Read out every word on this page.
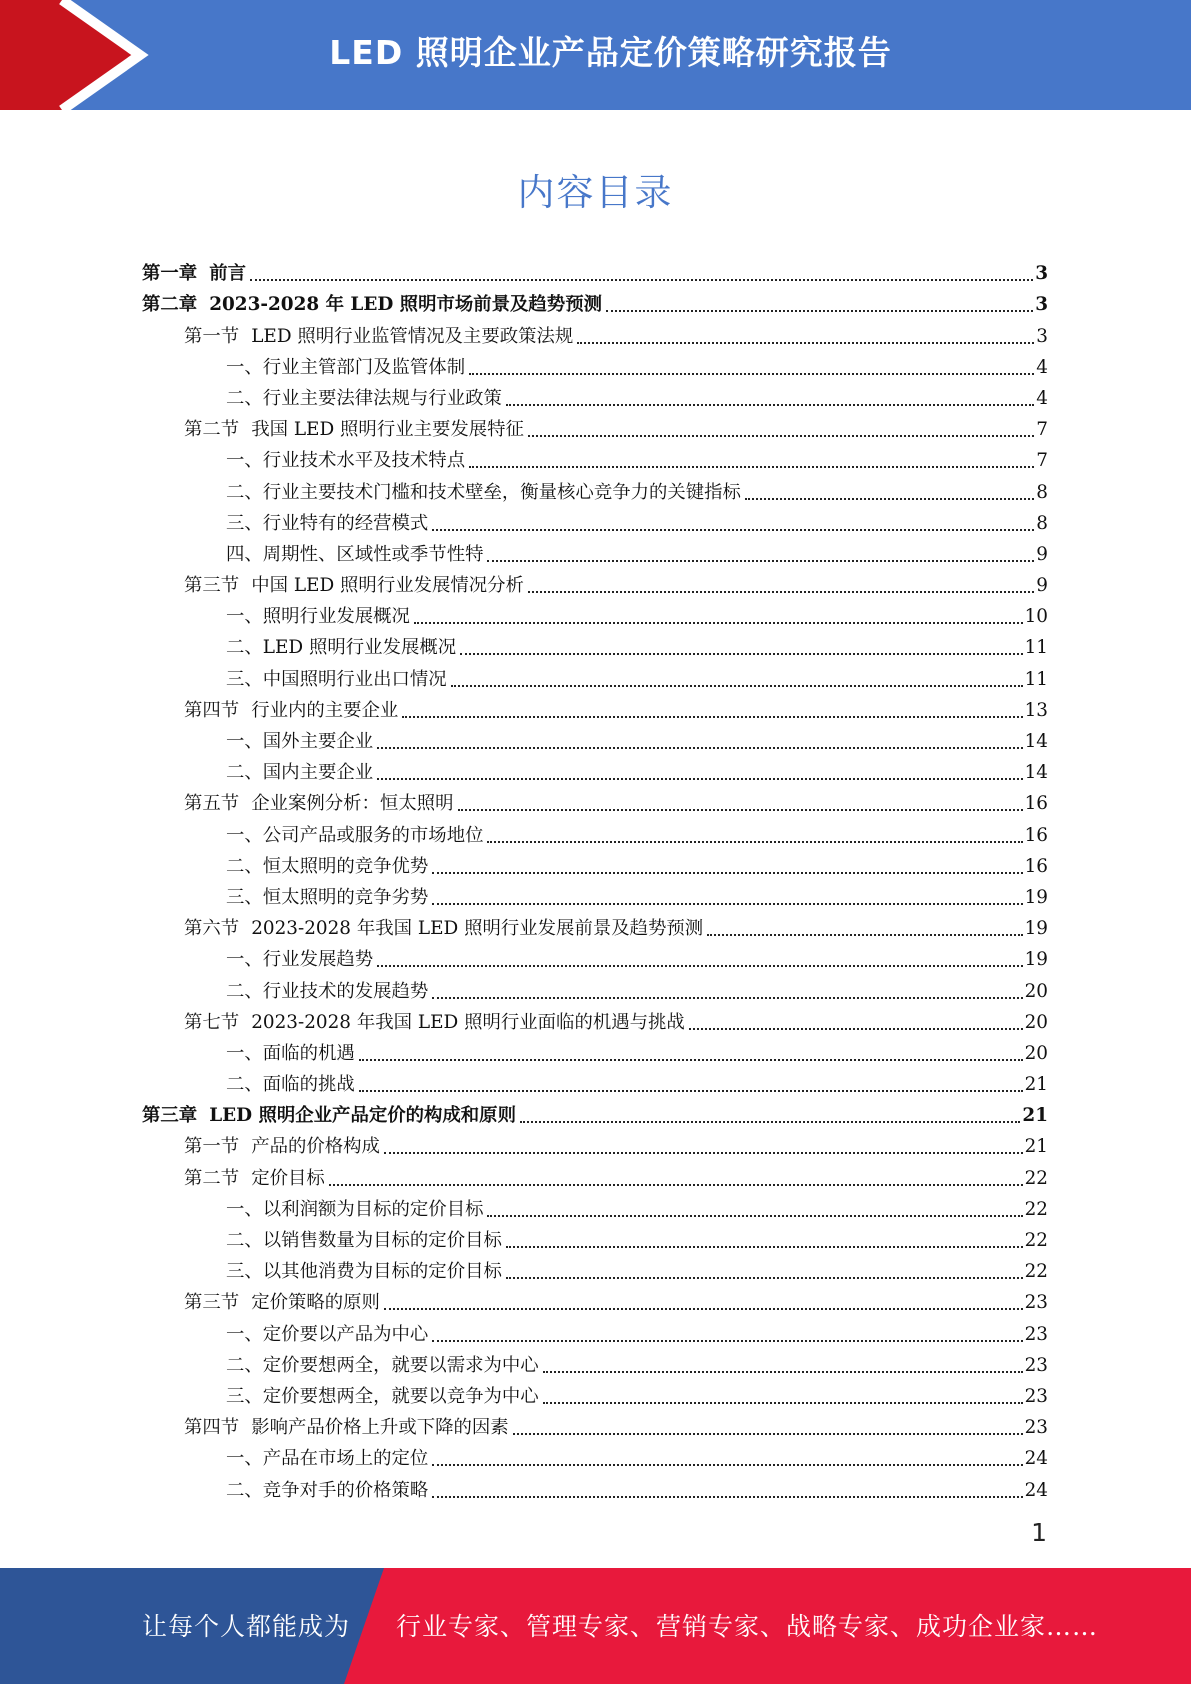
LED 照明企业产品定价策略研究报告
内容目录
第一章 前言	3
第二章 2023-2028 年 LED 照明市场前景及趋势预测	3
第一节 LED 照明行业监管情况及主要政策法规	3
一、行业主管部门及监管体制	4
二、行业主要法律法规与行业政策	4
第二节 我国 LED 照明行业主要发展特征	7
一、行业技术水平及技术特点	7
二、行业主要技术门槛和技术壁垒，衡量核心竞争力的关键指标	8
三、行业特有的经营模式	8
四、周期性、区域性或季节性特	9
第三节 中国 LED 照明行业发展情况分析	9
一、照明行业发展概况	10
二、LED 照明行业发展概况	11
三、中国照明行业出口情况	11
第四节 行业内的主要企业	13
一、国外主要企业	14
二、国内主要企业	14
第五节 企业案例分析：恒太照明	16
一、公司产品或服务的市场地位	16
二、恒太照明的竞争优势	16
三、恒太照明的竞争劣势	19
第六节 2023-2028 年我国 LED 照明行业发展前景及趋势预测	19
一、行业发展趋势	19
二、行业技术的发展趋势	20
第七节 2023-2028 年我国 LED 照明行业面临的机遇与挑战	20
一、面临的机遇	20
二、面临的挑战	21
第三章 LED 照明企业产品定价的构成和原则	21
第一节 产品的价格构成	21
第二节 定价目标	22
一、以利润额为目标的定价目标	22
二、以销售数量为目标的定价目标	22
三、以其他消费为目标的定价目标	22
第三节 定价策略的原则	23
一、定价要以产品为中心	23
二、定价要想两全，就要以需求为中心	23
三、定价要想两全，就要以竞争为中心	23
第四节 影响产品价格上升或下降的因素	23
一、产品在市场上的定位	24
二、竞争对手的价格策略	24
1
让每个人都能成为 行业专家、管理专家、营销专家、战略专家、成功企业家……
